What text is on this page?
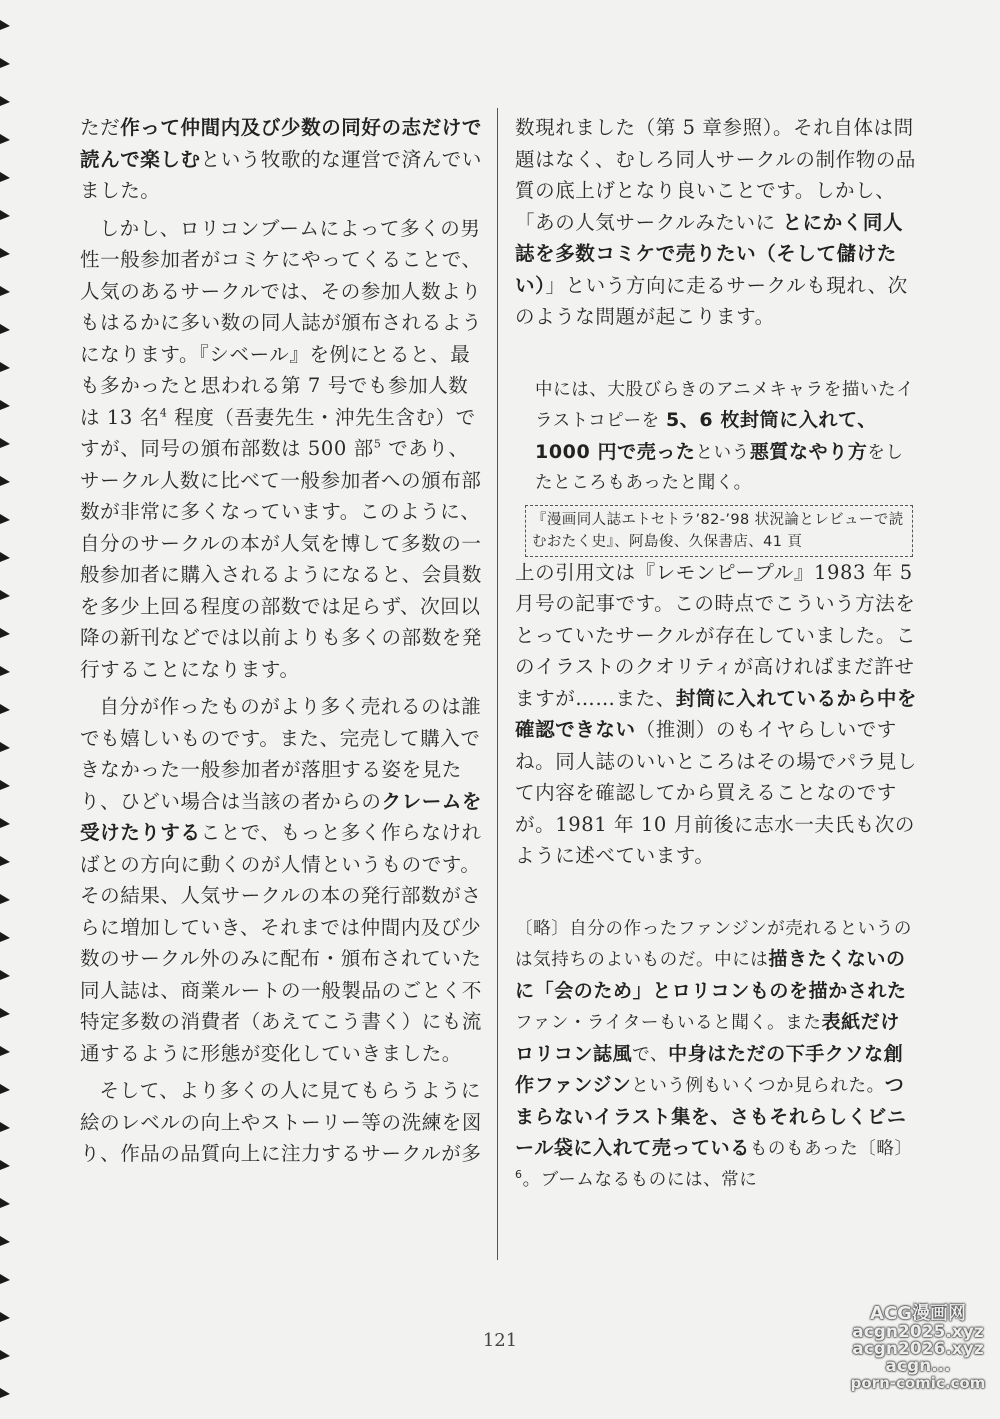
ただ作って仲間内及び少数の同好の志だけで
読んで楽しむという牧歌的な運営で済んでいました。

しかし、ロリコンブームによって多くの男性一般参加者がコミケにやってくることで、人気のあるサークルでは、その参加人数よりもはるかに多い数の同人誌が頒布されるようになります。『シベール』を例にとると、最も多かったと思われる第 7 号でも参加人数は 13 名$^4$ 程度（吾妻先生・沖先生含む）ですが、同号の頒布部数は 500 部$^5$ であり、サークル人数に比べて一般参加者への頒布部数が非常に多くなっています。このように、自分のサークルの本が人気を博して多数の一般参加者に購入されるようになると、会員数を多少上回る程度の部数では足らず、次回以降の新刊などでは以前よりも多くの部数を発行することになります。

自分が作ったものがより多く売れるのは誰でも嬉しいものです。また、完売して購入できなかった一般参加者が落胆する姿を見たり、ひどい場合は当該の者からのクレームを受けたりすることで、もっと多く作らなければとの方向に動くのが人情というものです。その結果、人気サークルの本の発行部数がさらに増加していき、それまでは仲間内及び少数のサークル外のみに配布・頒布されていた同人誌は、商業ルートの一般製品のごとく不特定多数の消費者（あえてこう書く）にも流通するように形態が変化していきました。

そして、より多くの人に見てもらうように絵のレベルの向上やストーリー等の洗練を図り、作品の品質向上に注力するサークルが多

数現れました（第 5 章参照）。それ自体は問題はなく、むしろ同人サークルの制作物の品質の底上げとなり良いことです。しかし、「あの人気サークルみたいに とにかく同人誌を多数コミケで売りたい（そして儲けたい）」という方向に走るサークルも現れ、次のような問題が起こります。

中には、大股びらきのアニメキャラを描いたイラストコピーを 5、6 枚封筒に入れて、1000 円で売ったという悪質なやり方をしたところもあったと聞く。
『漫画同人誌エトセトラ’82-’98 状況論とレビューで読むおたく史』、阿島俊、久保書店、41 頁

上の引用文は『レモンピープル』1983 年 5 月号の記事です。この時点でこういう方法をとっていたサークルが存在していました。このイラストのクオリティが高ければまだ許せますが……また、封筒に入れているから中を確認できない（推測）のもイヤらしいですね。同人誌のいいところはその場でパラ見して内容を確認してから買えることなのですが。1981 年 10 月前後に志水一夫氏も次のように述べています。

〔略〕自分の作ったファンジンが売れるというのは気持ちのよいものだ。中には描きたくないのに「会のため」とロリコンものを描かされたファン・ライターもいると聞く。また表紙だけロリコン誌風で、中身はただの下手クソな創作ファンジンという例もいくつか見られた。つまらないイラスト集を、さもそれらしくビニール袋に入れて売っているものもあった〔略〕$^6$。ブームなるものには、常に
121
ACG漫画网
acgn2025.xyz
acgn2026.xyz
acgn...
porn-comic.com
